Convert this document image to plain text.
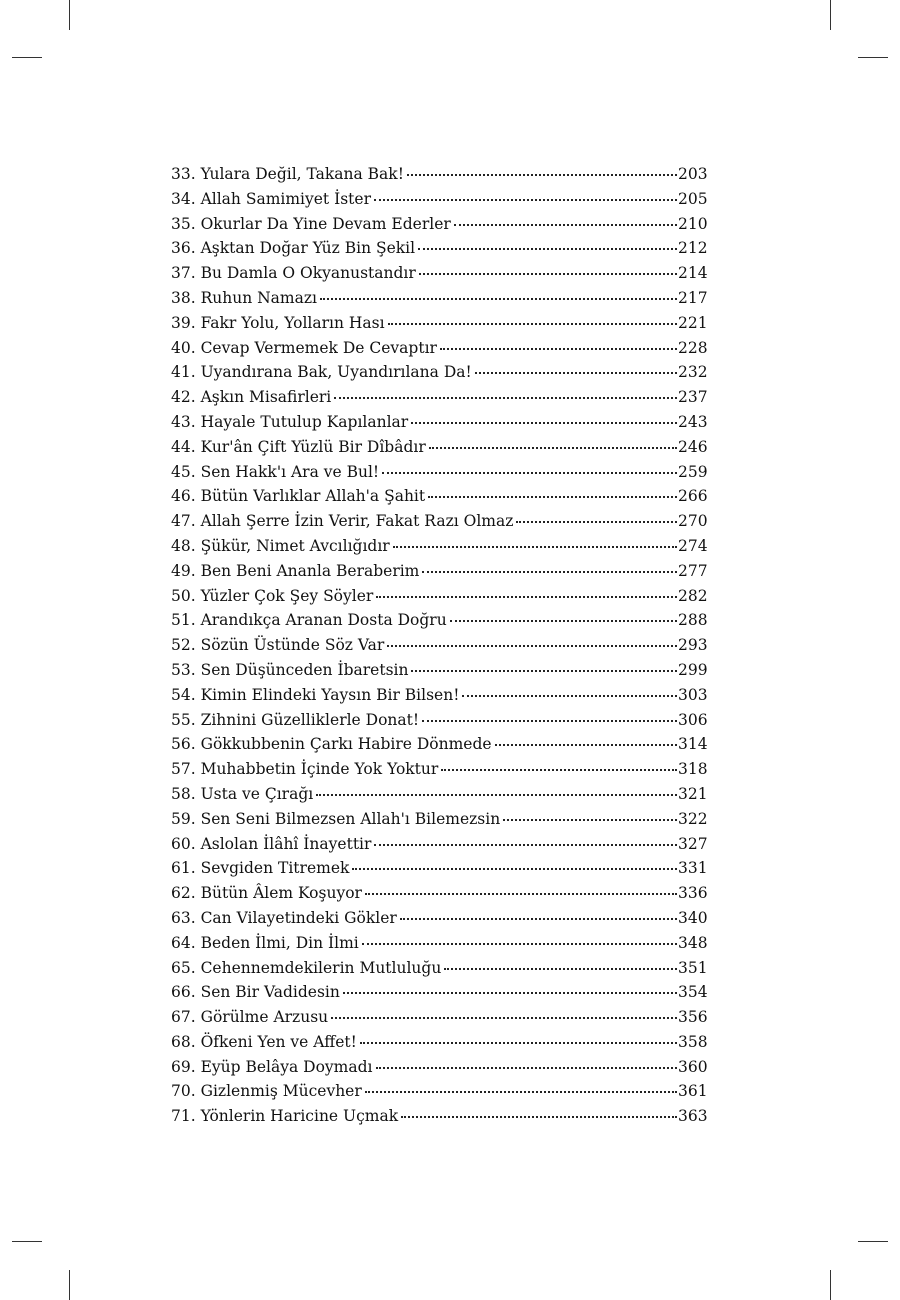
33. Yulara Değil, Takana Bak!	203
34. Allah Samimiyet İster	205
35. Okurlar Da Yine Devam Ederler	210
36. Aşktan Doğar Yüz Bin Şekil	212
37. Bu Damla O Okyanustandır	214
38. Ruhun Namazı	217
39. Fakr Yolu, Yolların Hası	221
40. Cevap Vermemek De Cevaptır	228
41. Uyandırana Bak, Uyandırılana Da!	232
42. Aşkın Misafirleri	237
43. Hayale Tutulup Kapılanlar	243
44. Kur'ân Çift Yüzlü Bir Dîbâdır	246
45. Sen Hakk'ı Ara ve Bul!	259
46. Bütün Varlıklar Allah'a Şahit	266
47. Allah Şerre İzin Verir, Fakat Razı Olmaz	270
48. Şükür, Nimet Avcılığıdır	274
49. Ben Beni Ananla Beraberim	277
50. Yüzler Çok Şey Söyler	282
51. Arandıkça Aranan Dosta Doğru	288
52. Sözün Üstünde Söz Var	293
53. Sen Düşünceden İbaretsin	299
54. Kimin Elindeki Yaysın Bir Bilsen!	303
55. Zihnini Güzelliklerle Donat!	306
56. Gökkubbenin Çarkı Habire Dönmede	314
57. Muhabbetin İçinde Yok Yoktur	318
58. Usta ve Çırağı	321
59. Sen Seni Bilmezsen Allah'ı Bilemezsin	322
60. Aslolan İlâhî İnayettir	327
61. Sevgiden Titremek	331
62. Bütün Âlem Koşuyor	336
63. Can Vilayetindeki Gökler	340
64. Beden İlmi, Din İlmi	348
65. Cehennemdekilerin Mutluluğu	351
66. Sen Bir Vadidesin	354
67. Görülme Arzusu	356
68. Öfkeni Yen ve Affet!	358
69. Eyüp Belâya Doymadı	360
70. Gizlenmiş Mücevher	361
71. Yönlerin Haricine Uçmak	363
